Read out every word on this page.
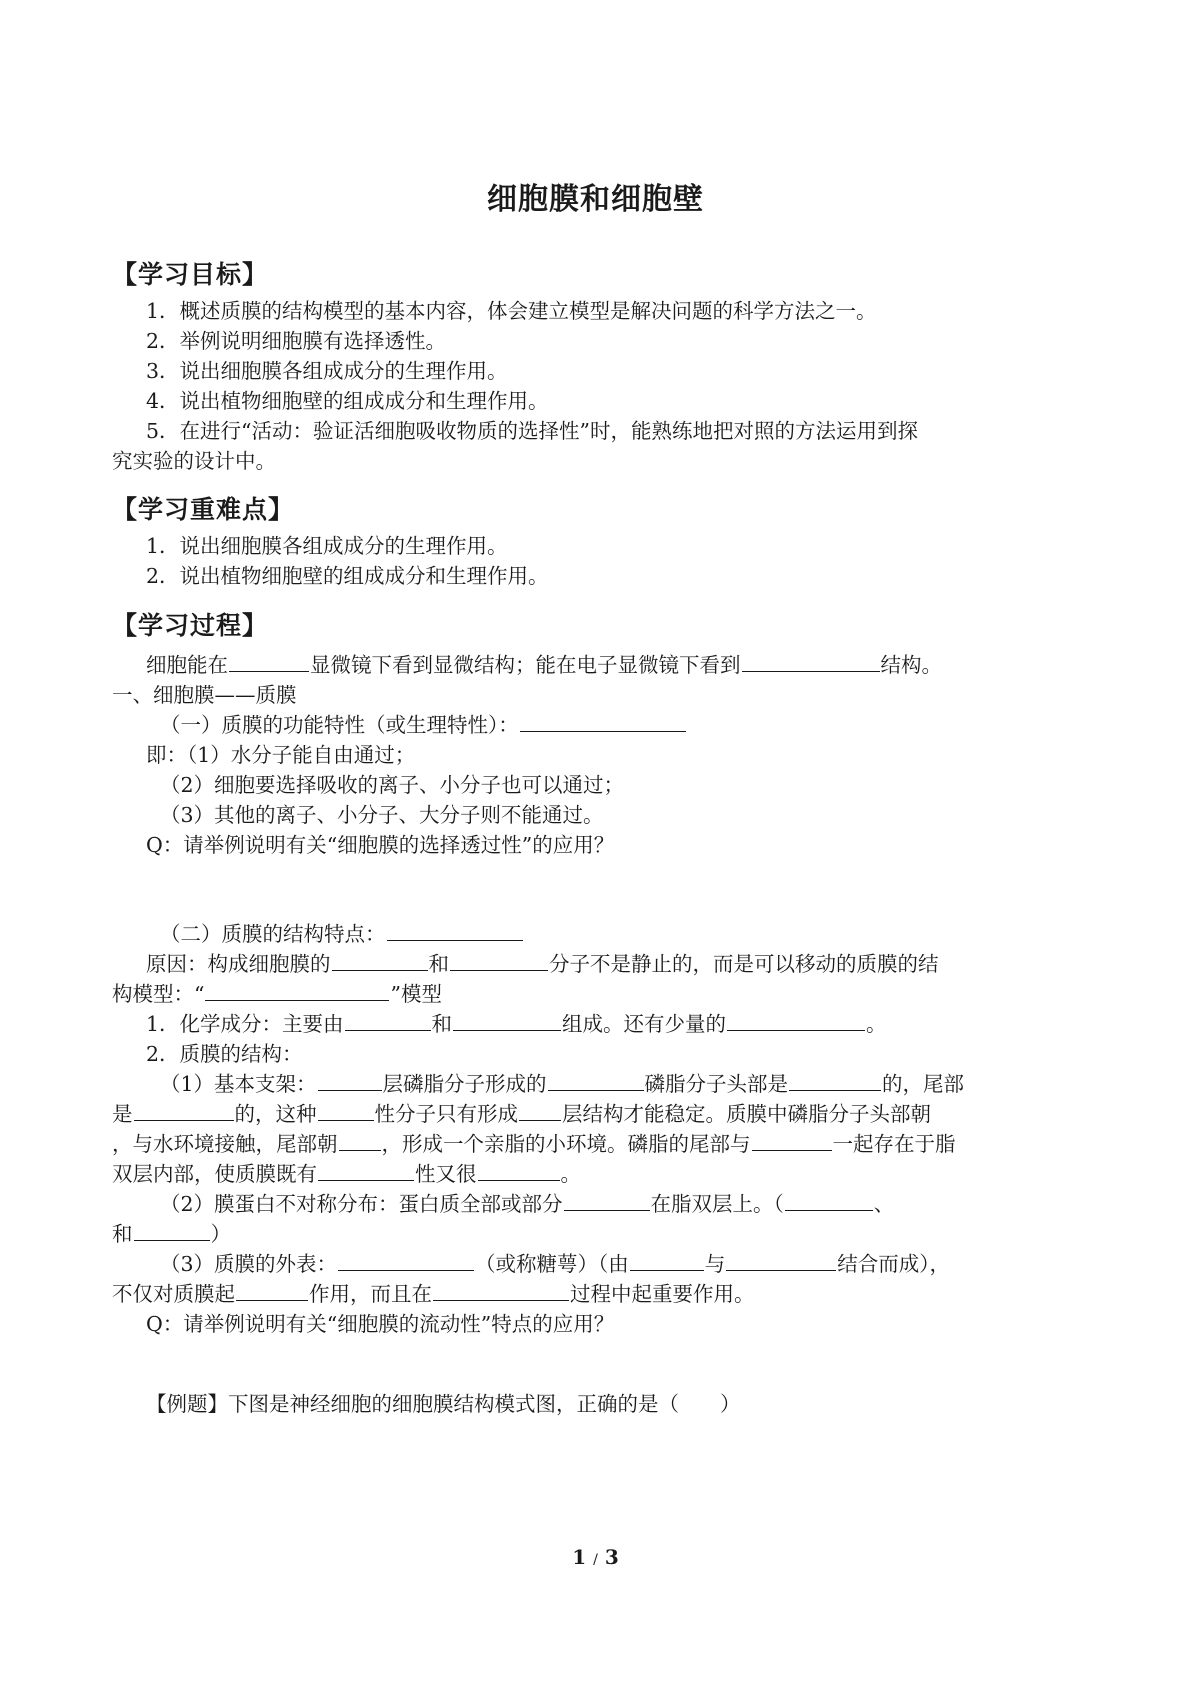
细胞膜和细胞壁
【学习目标】
1．概述质膜的结构模型的基本内容，体会建立模型是解决问题的科学方法之一。
2．举例说明细胞膜有选择透性。
3．说出细胞膜各组成成分的生理作用。
4．说出植物细胞壁的组成成分和生理作用。
5．在进行“活动：验证活细胞吸收物质的选择性”时，能熟练地把对照的方法运用到探
究实验的设计中。
【学习重难点】
1．说出细胞膜各组成成分的生理作用。
2．说出植物细胞壁的组成成分和生理作用。
【学习过程】
细胞能在	显微镜下看到显微结构；能在电子显微镜下看到	结构。
一、细胞膜——质膜
（一）质膜的功能特性（或生理特性）：
即：（1）水分子能自由通过；
（2）细胞要选择吸收的离子、小分子也可以通过；
（3）其他的离子、小分子、大分子则不能通过。
Q：请举例说明有关“细胞膜的选择透过性”的应用？
（二）质膜的结构特点：
原因：构成细胞膜的	和	分子不是静止的，而是可以移动的质膜的结
构模型：“	”模型
1．化学成分：主要由	和	组成。还有少量的	。
2．质膜的结构：
（1）基本支架：	层磷脂分子形成的	磷脂分子头部是	的，尾部
是	的，这种	性分子只有形成 层结构才能稳定。质膜中磷脂分子头部朝
，与水环境接触，尾部朝 ，形成一个亲脂的小环境。磷脂的尾部与	一起存在于脂
双层内部，使质膜既有	性又很	。
（2）膜蛋白不对称分布：蛋白质全部或部分	在脂双层上。（	、
和	）
（3）质膜的外表：	（或称糖萼）（由	与	结合而成），
不仅对质膜起	作用，而且在	过程中起重要作用。
Q：请举例说明有关“细胞膜的流动性”特点的应用？
【例题】下图是神经细胞的细胞膜结构模式图，正确的是（　　）
1 / 3
